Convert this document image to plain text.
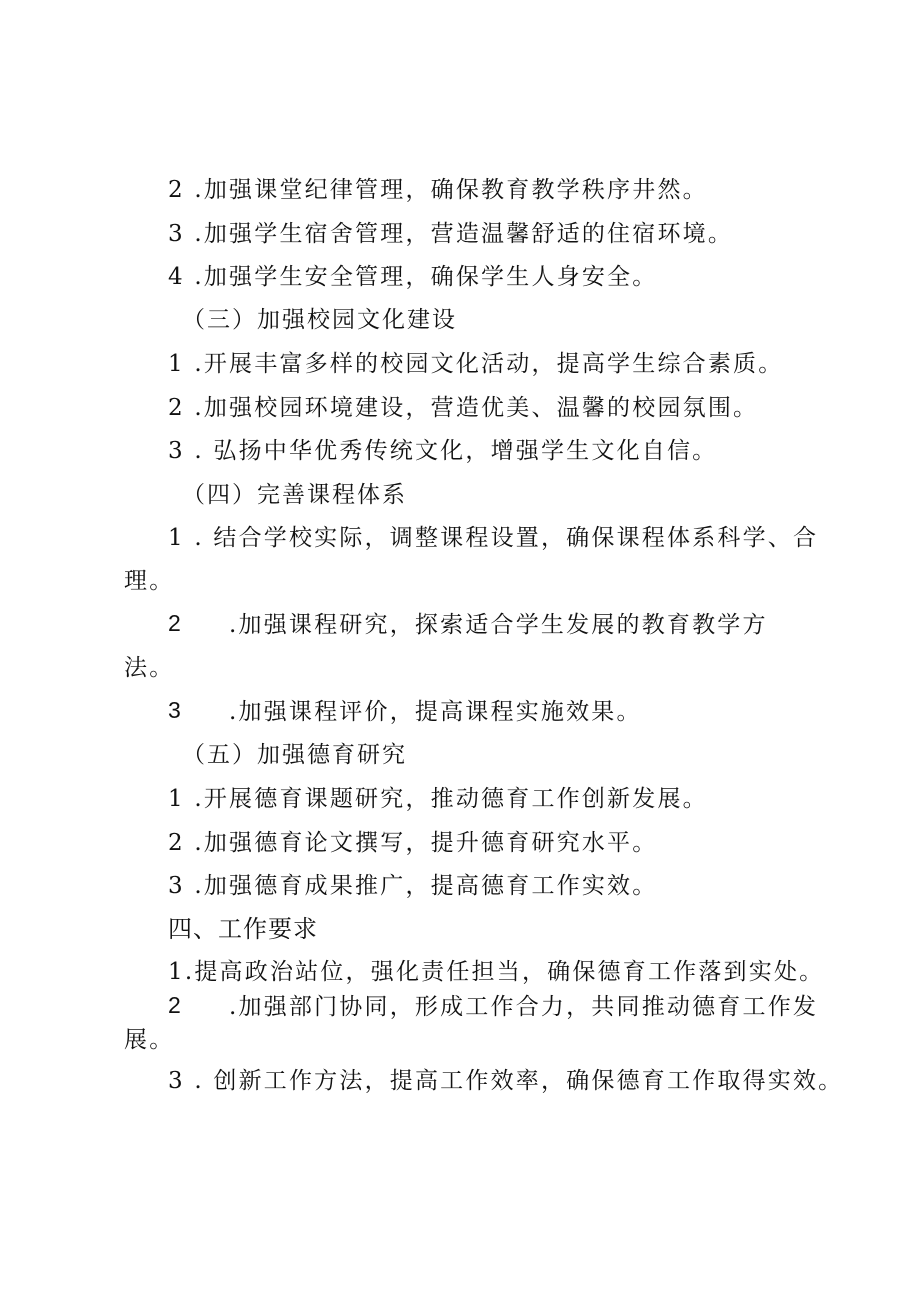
2 .加强课堂纪律管理，确保教育教学秩序井然。
3 .加强学生宿舍管理，营造温馨舒适的住宿环境。
4 .加强学生安全管理，确保学生人身安全。
（三）加强校园文化建设
1 .开展丰富多样的校园文化活动，提高学生综合素质。
2 .加强校园环境建设，营造优美、温馨的校园氛围。
3 . 弘扬中华优秀传统文化，增强学生文化自信。
（四）完善课程体系
1 . 结合学校实际，调整课程设置，确保课程体系科学、合
理。
2 .加强课程研究，探索适合学生发展的教育教学方
法。
3 .加强课程评价，提高课程实施效果。
（五）加强德育研究
1 .开展德育课题研究，推动德育工作创新发展。
2 .加强德育论文撰写，提升德育研究水平。
3 .加强德育成果推广，提高德育工作实效。
四、工作要求
1.提高政治站位，强化责任担当，确保德育工作落到实处。
2 .加强部门协同，形成工作合力，共同推动德育工作发
展。
3 . 创新工作方法，提高工作效率，确保德育工作取得实效。
